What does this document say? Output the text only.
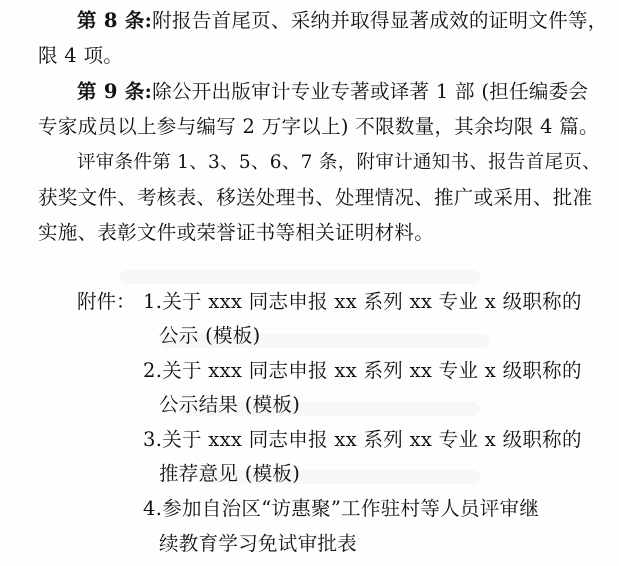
第 8 条:附报告首尾页、采纳并取得显著成效的证明文件等，
限 4 项。
第 9 条:除公开出版审计专业专著或译著 1 部 (担任编委会
专家成员以上参与编写 2 万字以上) 不限数量，其余均限 4 篇。
评审条件第 1、3、5、6、7 条，附审计通知书、报告首尾页、
获奖文件、考核表、移送处理书、处理情况、推广或采用、批准
实施、表彰文件或荣誉证书等相关证明材料。
附件： 1.关于 xxx 同志申报 xx 系列 xx 专业 x 级职称的
公示 (模板)
2.关于 xxx 同志申报 xx 系列 xx 专业 x 级职称的
公示结果 (模板)
3.关于 xxx 同志申报 xx 系列 xx 专业 x 级职称的
推荐意见 (模板)
4.参加自治区“访惠聚”工作驻村等人员评审继
续教育学习免试审批表
